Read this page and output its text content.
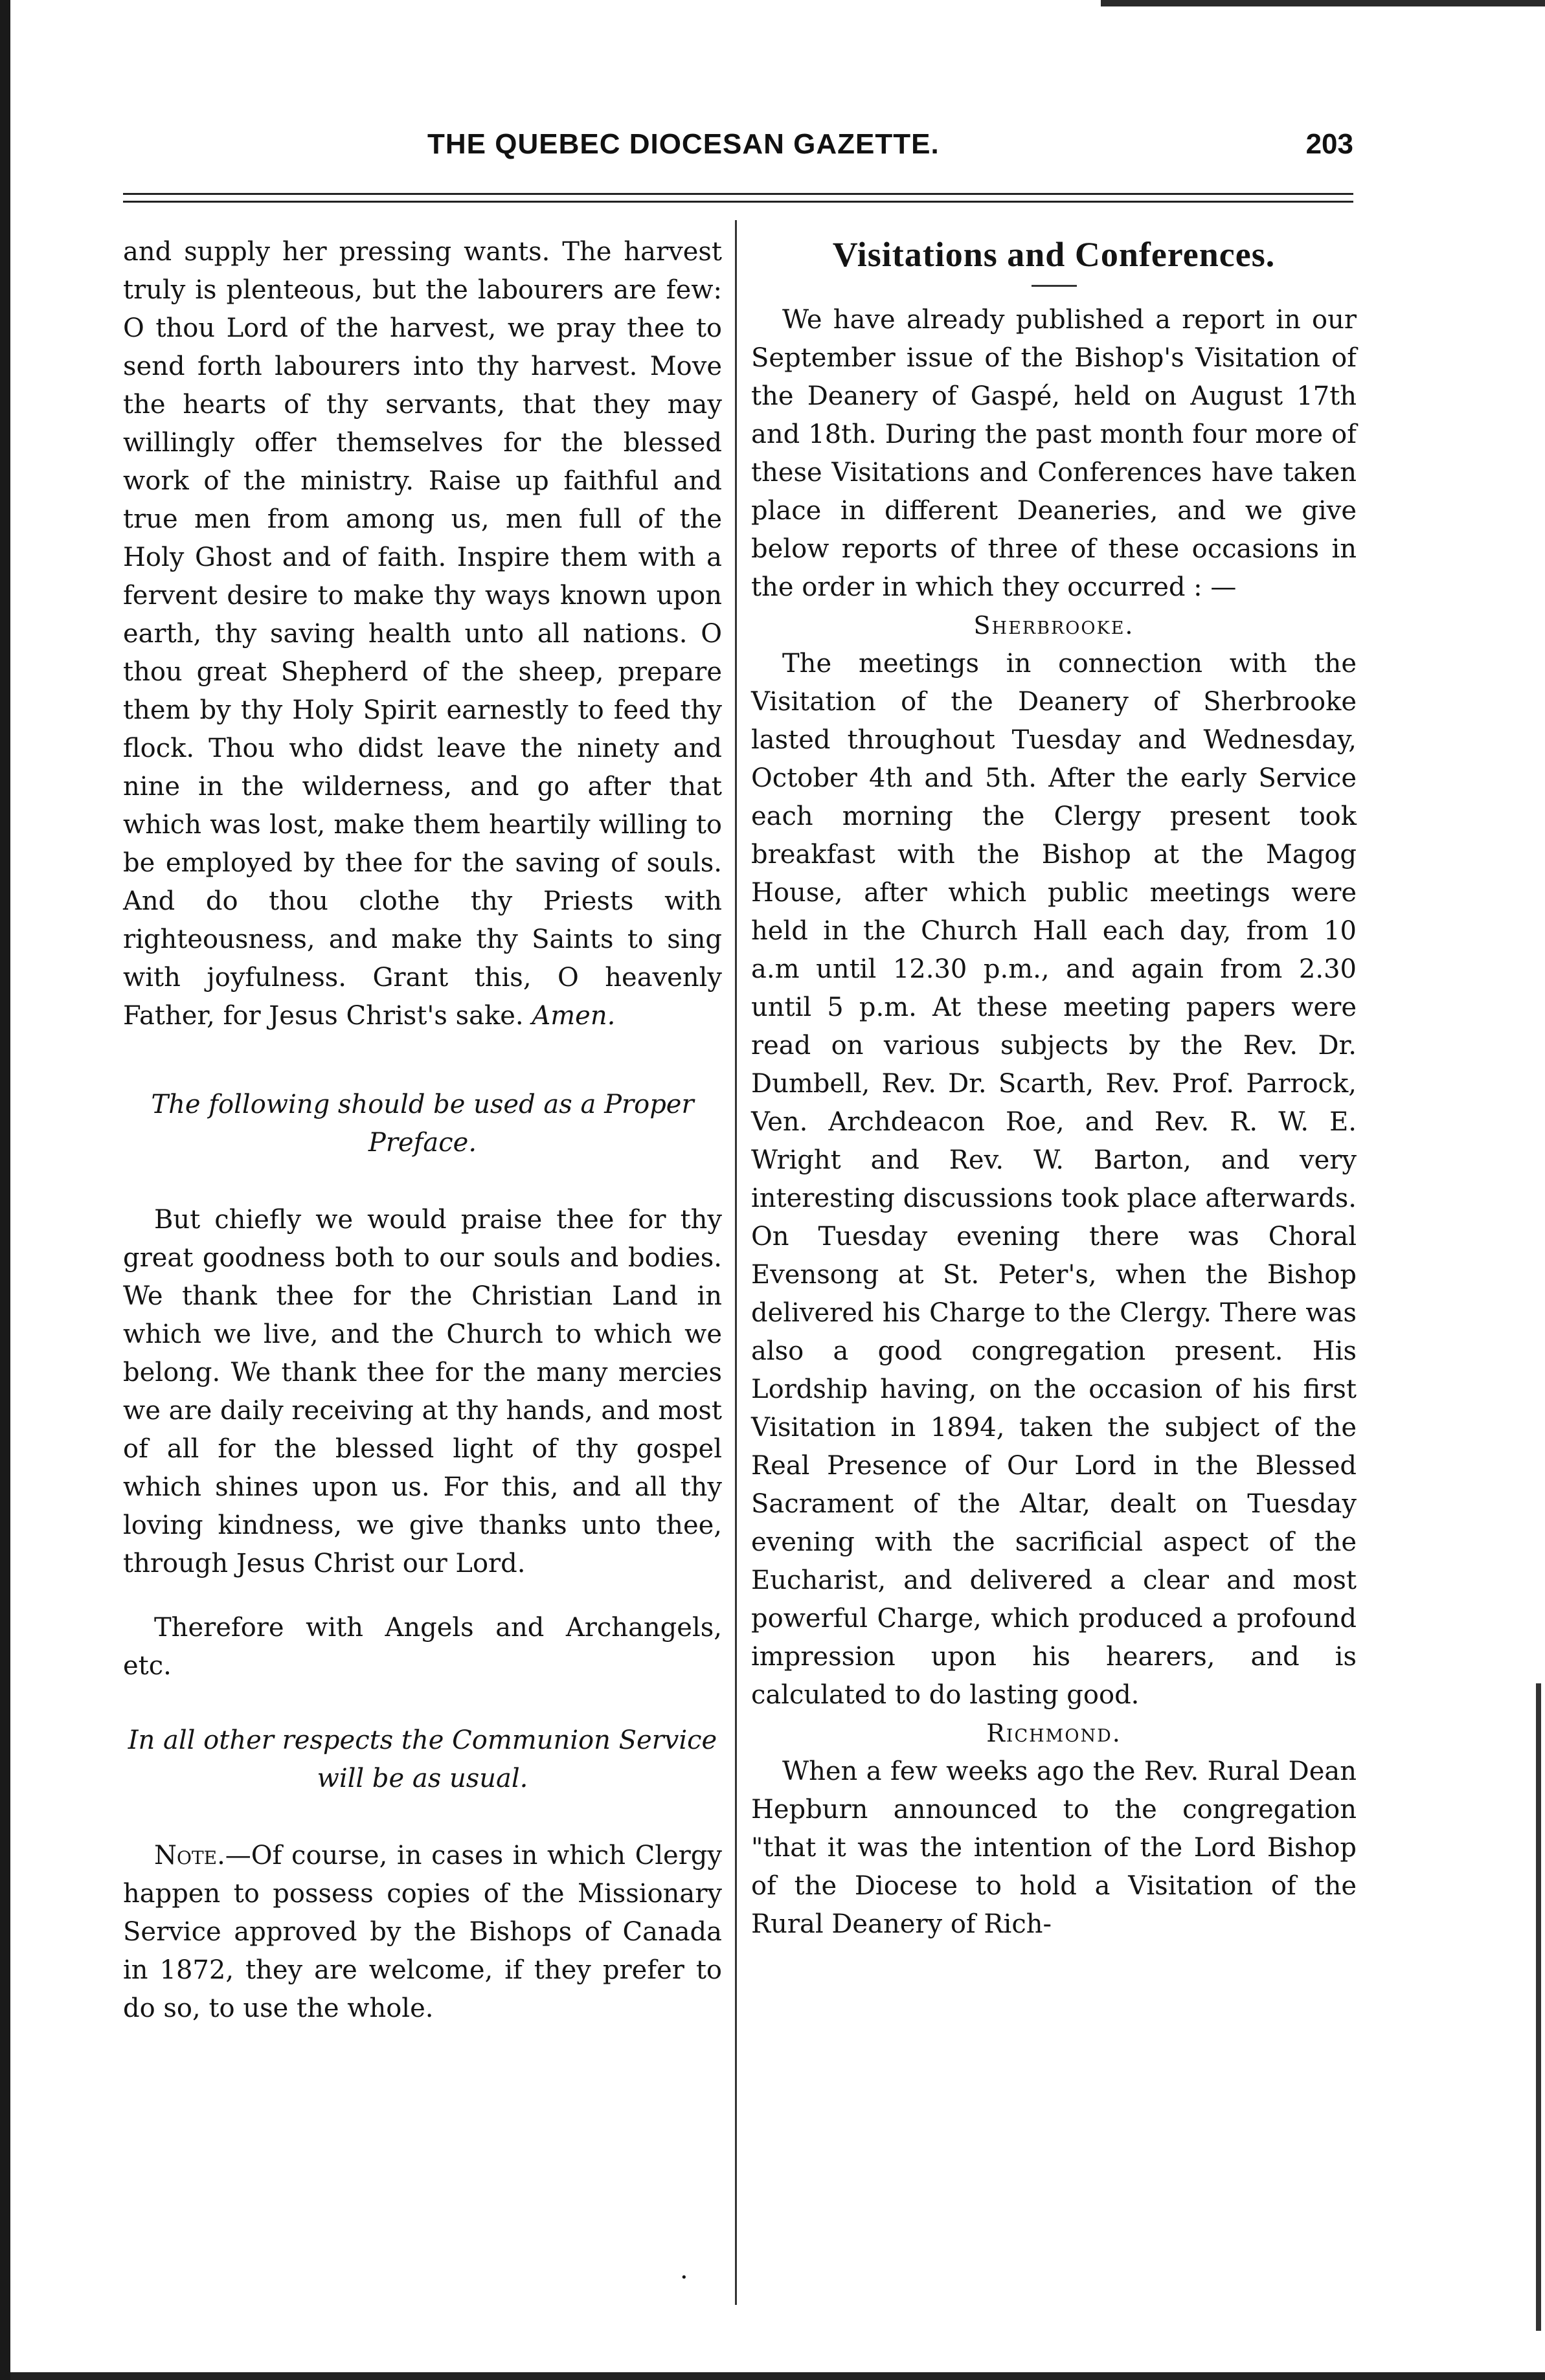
THE QUEBEC DIOCESAN GAZETTE.	203

and supply her pressing wants. The harvest truly is plenteous, but the labourers are few: O thou Lord of the harvest, we pray thee to send forth labourers into thy harvest. Move the hearts of thy servants, that they may willingly offer themselves for the blessed work of the ministry. Raise up faithful and true men from among us, men full of the Holy Ghost and of faith. Inspire them with a fervent desire to make thy ways known upon earth, thy saving health unto all nations. O thou great Shepherd of the sheep, prepare them by thy Holy Spirit earnestly to feed thy flock. Thou who didst leave the ninety and nine in the wilderness, and go after that which was lost, make them heartily willing to be employed by thee for the saving of souls. And do thou clothe thy Priests with righteousness, and make thy Saints to sing with joyfulness. Grant this, O heavenly Father, for Jesus Christ's sake. Amen.

The following should be used as a Proper Preface.

But chiefly we would praise thee for thy great goodness both to our souls and bodies. We thank thee for the Christian Land in which we live, and the Church to which we belong. We thank thee for the many mercies we are daily receiving at thy hands, and most of all for the blessed light of thy gospel which shines upon us. For this, and all thy loving kindness, we give thanks unto thee, through Jesus Christ our Lord.

Therefore with Angels and Archangels, etc.

In all other respects the Communion Service will be as usual.

Note.—Of course, in cases in which Clergy happen to possess copies of the Missionary Service approved by the Bishops of Canada in 1872, they are welcome, if they prefer to do so, to use the whole.

Visitations and Conferences.

We have already published a report in our September issue of the Bishop's Visitation of the Deanery of Gaspé, held on August 17th and 18th. During the past month four more of these Visitations and Conferences have taken place in different Deaneries, and we give below reports of three of these occasions in the order in which they occurred : —

Sherbrooke.

The meetings in connection with the Visitation of the Deanery of Sherbrooke lasted throughout Tuesday and Wednesday, October 4th and 5th. After the early Service each morning the Clergy present took breakfast with the Bishop at the Magog House, after which public meetings were held in the Church Hall each day, from 10 a.m until 12.30 p.m., and again from 2.30 until 5 p.m. At these meeting papers were read on various subjects by the Rev. Dr. Dumbell, Rev. Dr. Scarth, Rev. Prof. Parrock, Ven. Archdeacon Roe, and Rev. R. W. E. Wright and Rev. W. Barton, and very interesting discussions took place afterwards. On Tuesday evening there was Choral Evensong at St. Peter's, when the Bishop delivered his Charge to the Clergy. There was also a good congregation present. His Lordship having, on the occasion of his first Visitation in 1894, taken the subject of the Real Presence of Our Lord in the Blessed Sacrament of the Altar, dealt on Tuesday evening with the sacrificial aspect of the Eucharist, and delivered a clear and most powerful Charge, which produced a profound impression upon his hearers, and is calculated to do lasting good.

Richmond.

When a few weeks ago the Rev. Rural Dean Hepburn announced to the congregation "that it was the intention of the Lord Bishop of the Diocese to hold a Visitation of the Rural Deanery of Rich-

·
